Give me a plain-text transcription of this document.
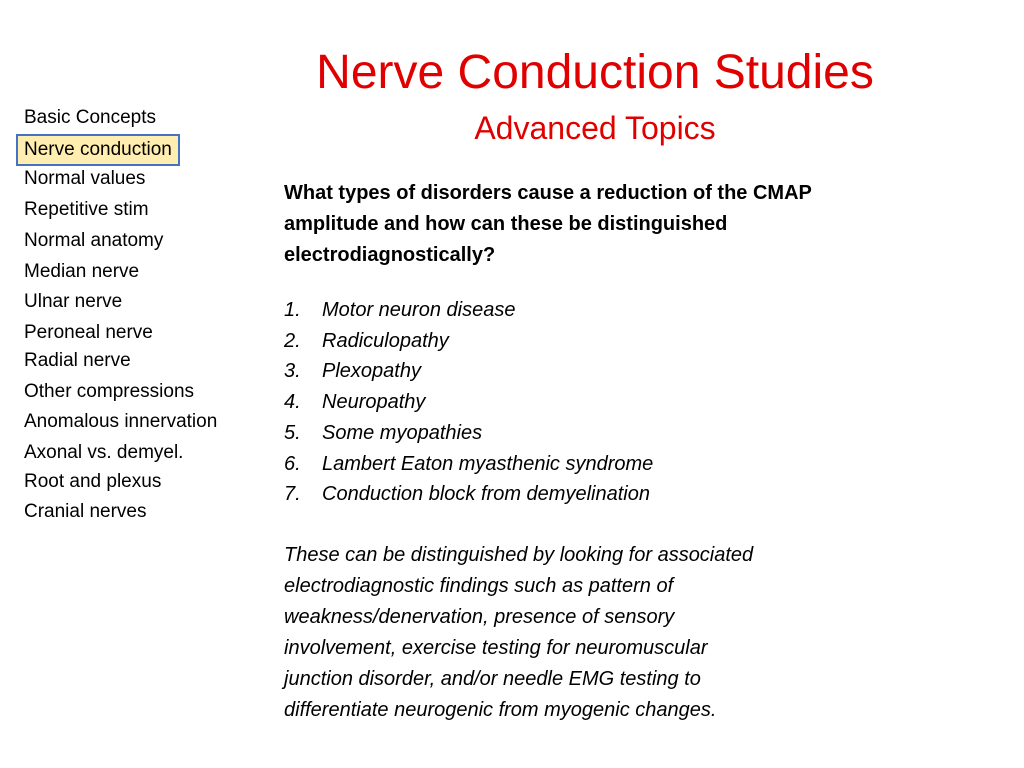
Nerve Conduction Studies
Advanced Topics
Basic Concepts
Nerve conduction
Normal values
Repetitive stim
Normal anatomy
Median nerve
Ulnar nerve
Peroneal nerve
Radial nerve
Other compressions
Anomalous innervation
Axonal vs. demyel.
Root and plexus
Cranial nerves

What types of disorders cause a reduction of the CMAP amplitude and how can these be distinguished electrodiagnostically?

1. Motor neuron disease
2. Radiculopathy
3. Plexopathy
4. Neuropathy
5. Some myopathies
6. Lambert Eaton myasthenic syndrome
7. Conduction block from demyelination
These can be distinguished by looking for associated
electrodiagnostic findings such as pattern of
weakness/denervation, presence of sensory
involvement, exercise testing for neuromuscular
junction disorder, and/or needle EMG testing to
differentiate neurogenic from myogenic changes.
